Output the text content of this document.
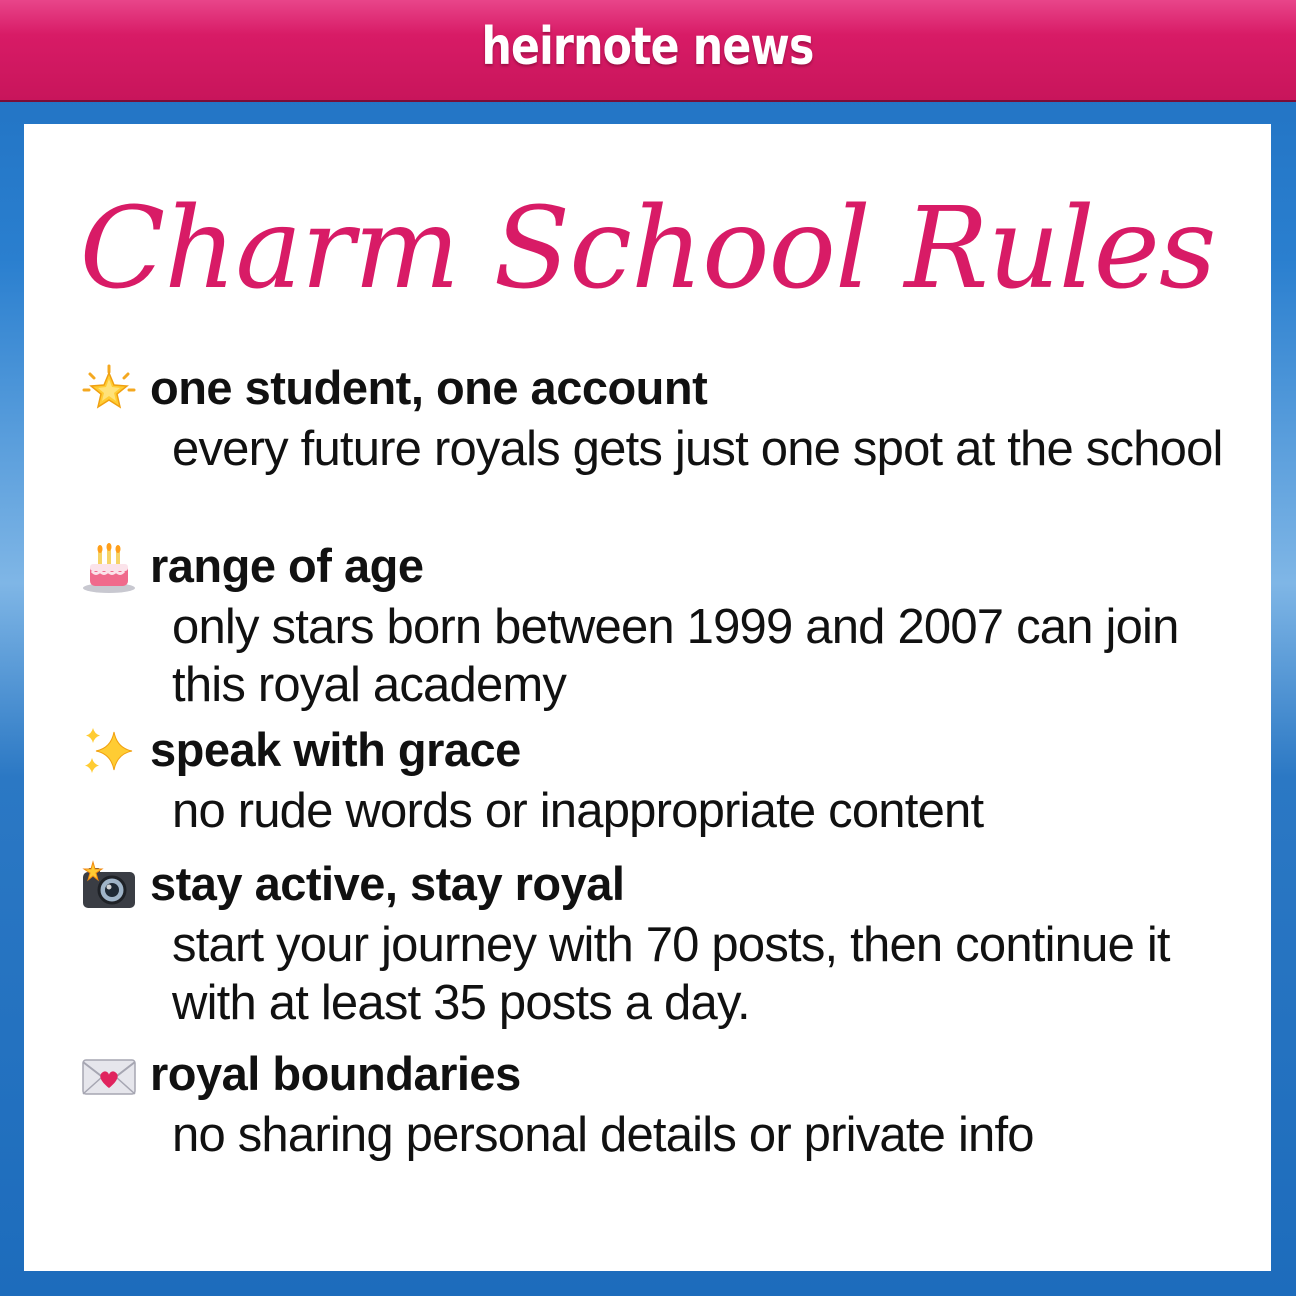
heirnote news
Charm School Rules
one student, one account
every future royals gets just one spot at the school
range of age
only stars born between 1999 and 2007 can join this royal academy
speak with grace
no rude words or inappropriate content
stay active, stay royal
start your journey with 70 posts, then continue it with at least 35 posts a day.
royal boundaries
no sharing personal details or private info
